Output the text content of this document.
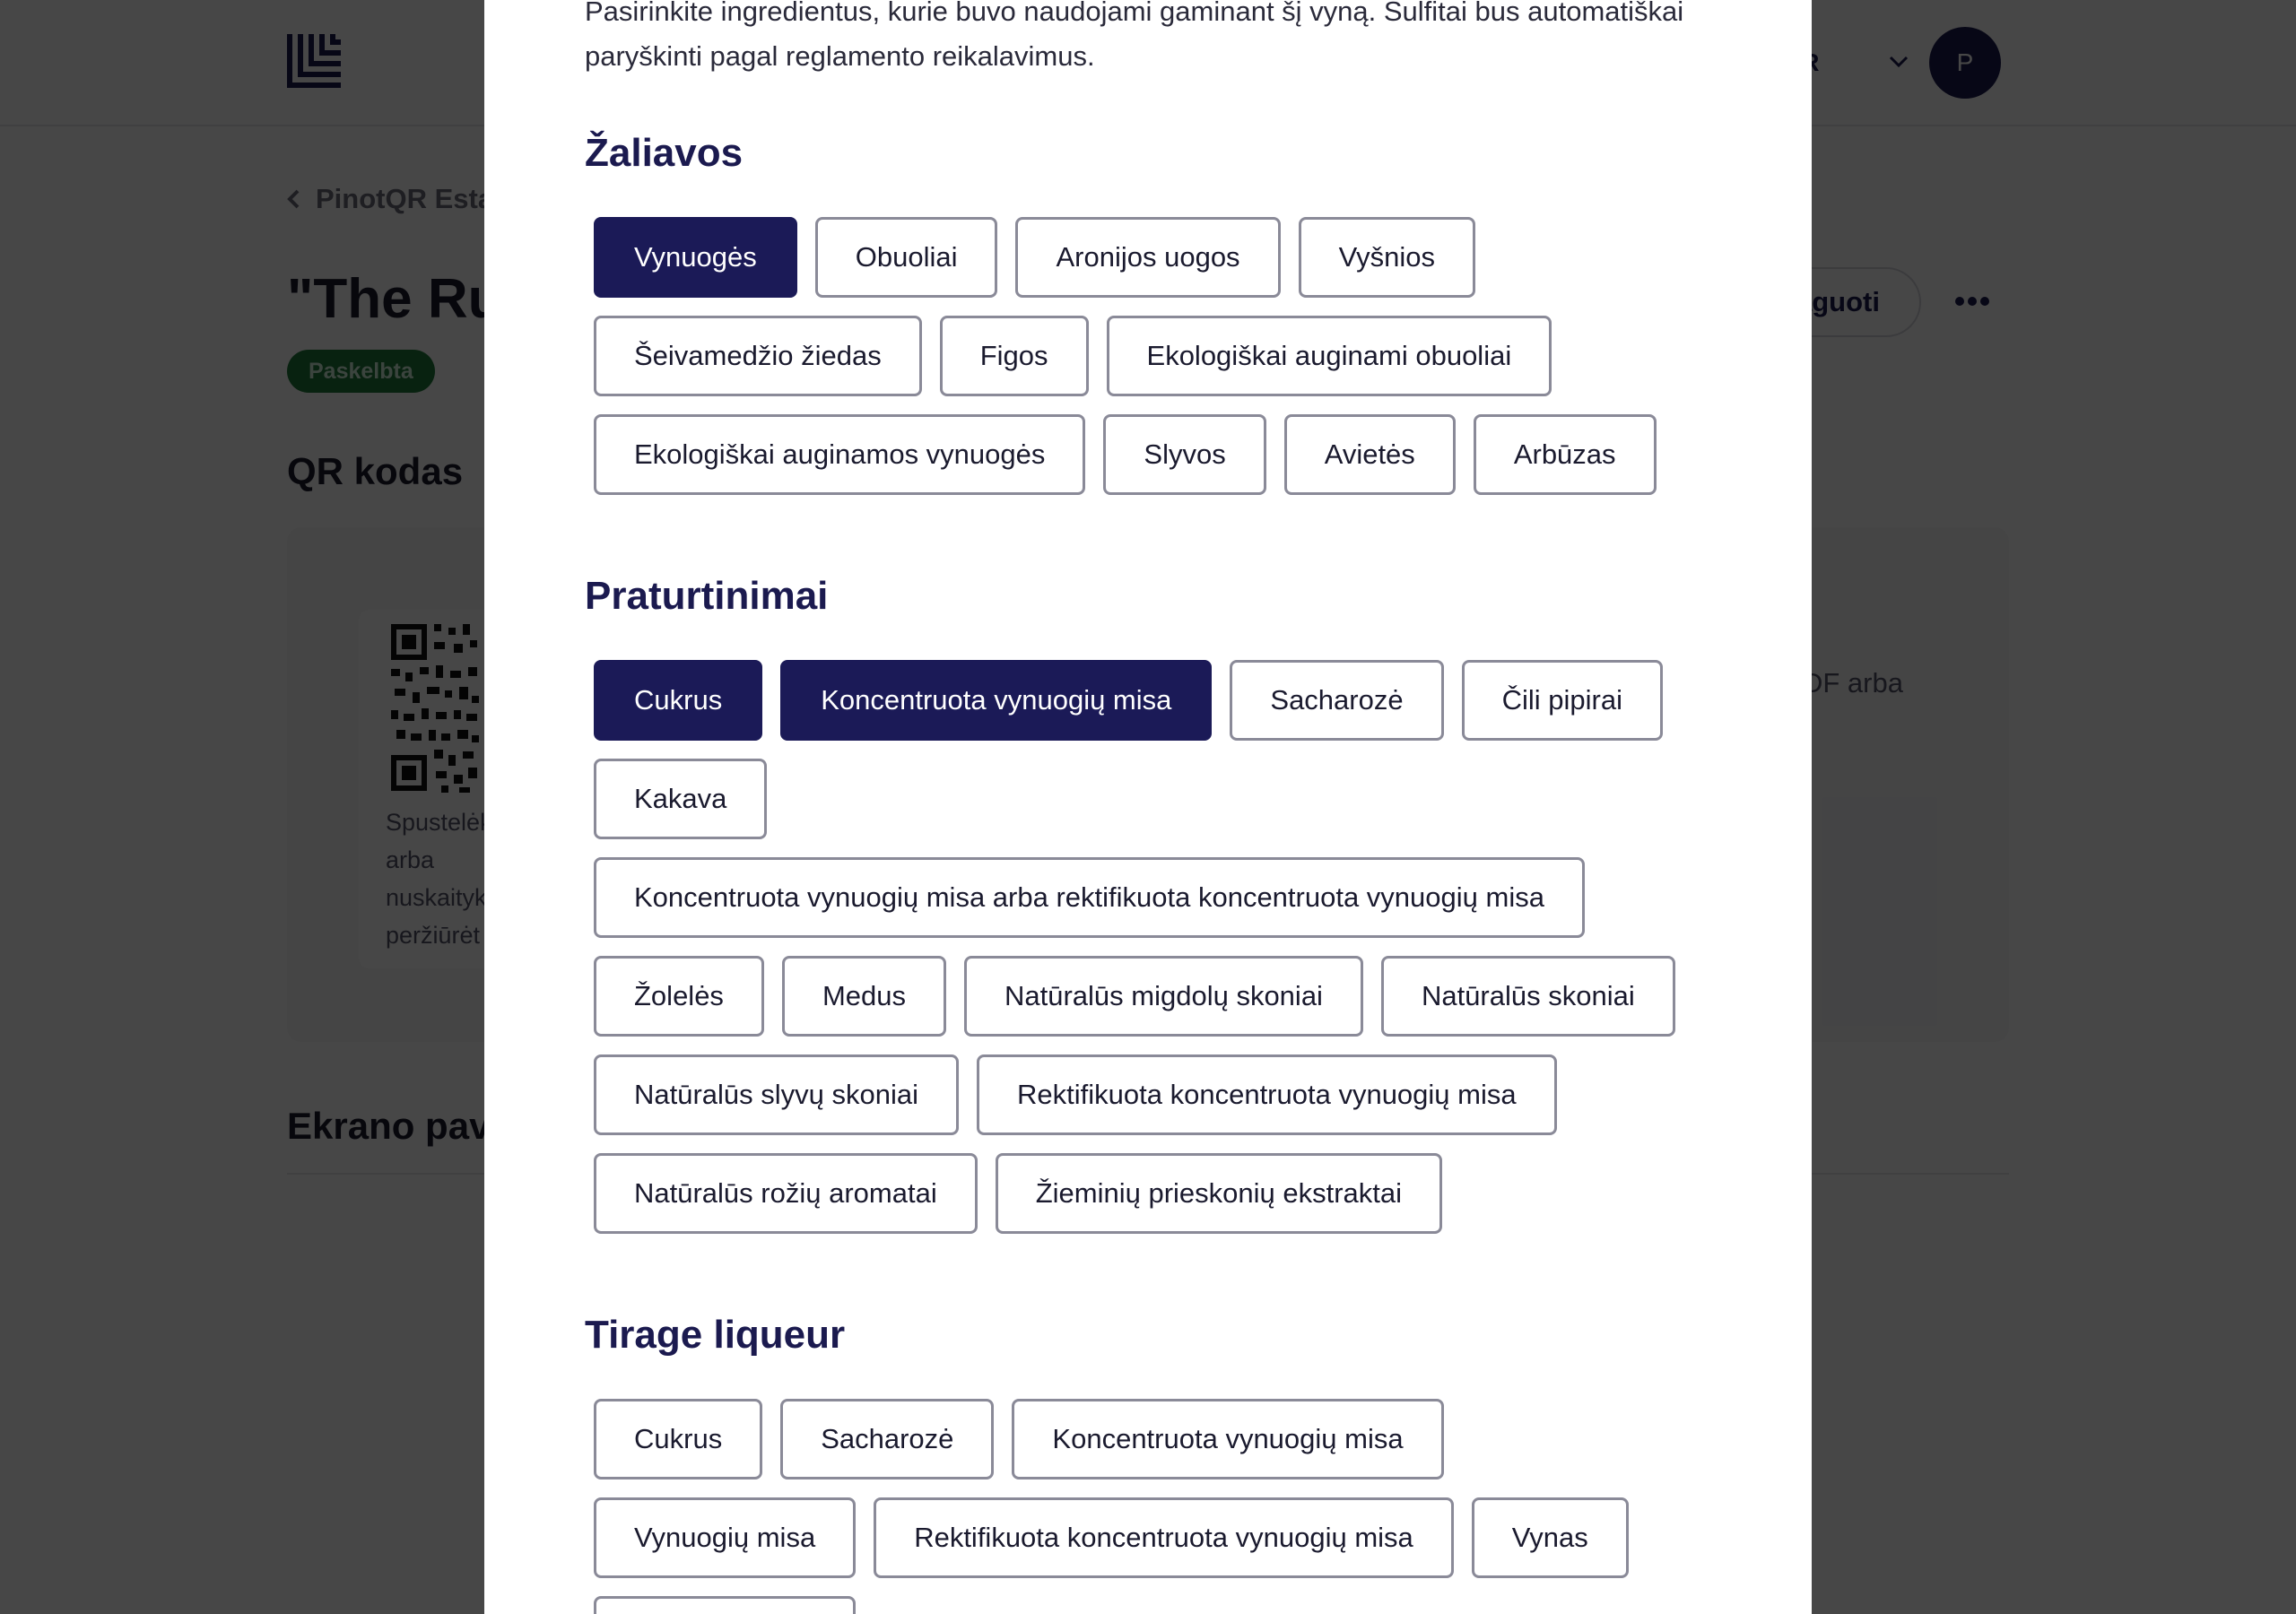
Pasirinkite ingredientus, kurie buvo naudojami gaminant šį vyną. Sulfitai bus automatiškai paryškinti pagal reglamento reikalavimus.
Žaliavos
Vynuogės	Obuoliai	Aronijos uogos	Vyšnios
Šeivamedžio žiedas	Figos	Ekologiškai auginami obuoliai
Ekologiškai auginamos vynuogės	Slyvos	Avietės	Arbūzas
Praturtinimai
Cukrus	Koncentruota vynuogių misa	Sacharozė	Čili pipirai
Kakava
Koncentruota vynuogių misa arba rektifikuota koncentruota vynuogių misa
Žolelės	Medus	Natūralūs migdolų skoniai	Natūralūs skoniai
Natūralūs slyvų skoniai	Rektifikuota koncentruota vynuogių misa
Natūralūs rožių aromatai	Žieminių prieskonių ekstraktai
Tirage liqueur
Cukrus	Sacharozė	Koncentruota vynuogių misa
Vynuogių misa	Rektifikuota koncentruota vynuogių misa	Vynas
